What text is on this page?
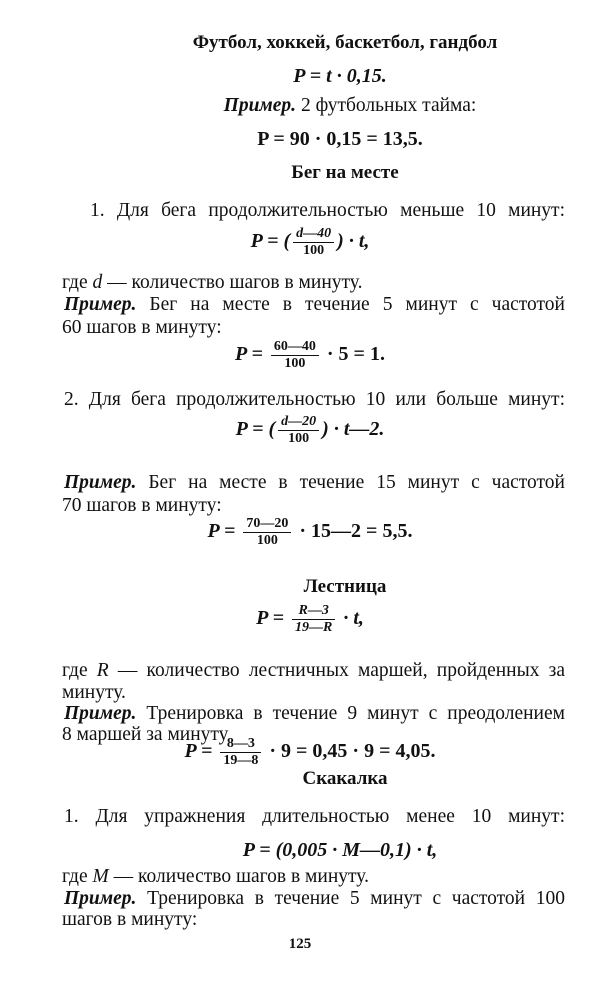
Футбол, хоккей, баскетбол, гандбол
P = t · 0,15.
Пример. 2 футбольных тайма:
P = 90 · 0,15 = 13,5.
Бег на месте
1. Для бега продолжительностью меньше 10 минут:
P = ( $\frac{d—40}{100}$ ) · t,
где d — количество шагов в минуту.
Пример. Бег на месте в течение 5 минут с частотой
60 шагов в минуту:
$P = \frac{60—40}{100} \cdot 5 = 1$.
2. Для бега продолжительностью 10 или больше минут:
P = ( $\frac{d—20}{100}$ ) · t—2.
Пример. Бег на месте в течение 15 минут с частотой
70 шагов в минуту:
$P = \frac{70—20}{100}$ · 15—2 = 5,5.
Лестница
$P = \frac{R—3}{19—R} \cdot t$,
где R — количество лестничных маршей, пройденных за
минуту.
Пример. Тренировка в течение 9 минут с преодолением
8 маршей за минуту
$P = \frac{8—3}{19—8} \cdot 9 = 0,45 \cdot 9 = 4,05$.
Скакалка
1. Для упражнения длительностью менее 10 минут:
P = (0,005 · M—0,1) · t,
где M — количество шагов в минуту.
Пример. Тренировка в течение 5 минут с частотой 100
шагов в минуту:
125
